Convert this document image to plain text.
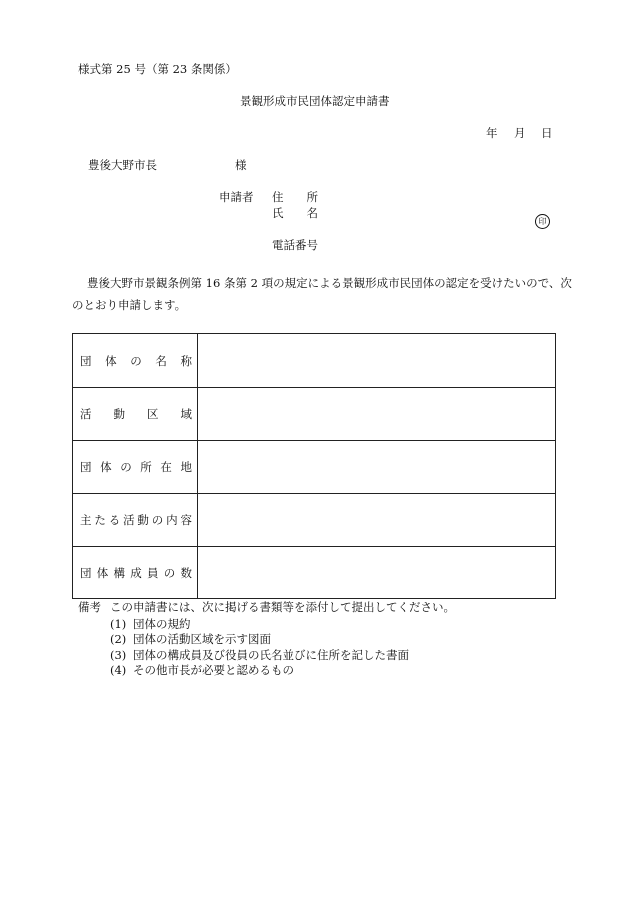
様式第 25 号（第 23 条関係）
景観形成市民団体認定申請書
年 月 日
豊後大野市長	様
申請者 住　　所
氏　　名
印
電話番号
豊後大野市景観条例第 16 条第 2 項の規定による景観形成市民団体の認定を受けたいので、次
のとおり申請します。
団体の名称
活動区域
団体の所在地
主たる活動の内容
団体構成員の数
備考 この申請書には、次に掲げる書類等を添付して提出してください。
(1) 団体の規約
(2) 団体の活動区域を示す図面
(3) 団体の構成員及び役員の氏名並びに住所を記した書面
(4) その他市長が必要と認めるもの
